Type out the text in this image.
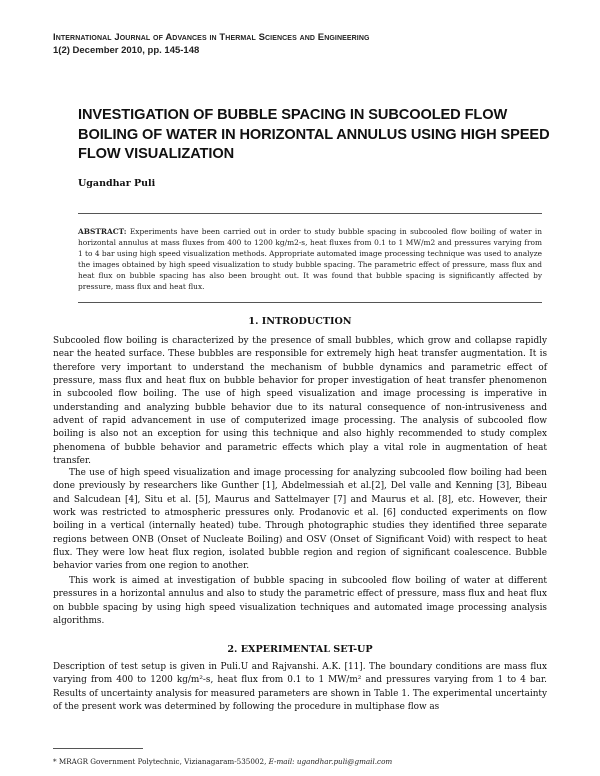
International Journal of Advances in Thermal Sciences and Engineering
1(2) December 2010, pp. 145-148
INVESTIGATION OF BUBBLE SPACING IN SUBCOOLED FLOW BOILING OF WATER IN HORIZONTAL ANNULUS USING HIGH SPEED FLOW VISUALIZATION
Ugandhar Puli
ABSTRACT: Experiments have been carried out in order to study bubble spacing in subcooled flow boiling of water in horizontal annulus at mass fluxes from 400 to 1200 kg/m2-s, heat fluxes from 0.1 to 1 MW/m2 and pressures varying from 1 to 4 bar using high speed visualization methods. Appropriate automated image processing technique was used to analyze the images obtained by high speed visualization to study bubble spacing. The parametric effect of pressure, mass flux and heat flux on bubble spacing has also been brought out. It was found that bubble spacing is significantly affected by pressure, mass flux and heat flux.
1. INTRODUCTION
Subcooled flow boiling is characterized by the presence of small bubbles, which grow and collapse rapidly near the heated surface. These bubbles are responsible for extremely high heat transfer augmentation. It is therefore very important to understand the mechanism of bubble dynamics and parametric effect of pressure, mass flux and heat flux on bubble behavior for proper investigation of heat transfer phenomenon in subcooled flow boiling. The use of high speed visualization and image processing is imperative in understanding and analyzing bubble behavior due to its natural consequence of non-intrusiveness and advent of rapid advancement in use of computerized image processing. The analysis of subcooled flow boiling is also not an exception for using this technique and also highly recommended to study complex phenomena of bubble behavior and parametric effects which play a vital role in augmentation of heat transfer.
The use of high speed visualization and image processing for analyzing subcooled flow boiling had been done previously by researchers like Gunther [1], Abdelmessiah et al.[2], Del valle and Kenning [3], Bibeau and Salcudean [4], Situ et al. [5], Maurus and Sattelmayer [7] and Maurus et al. [8], etc. However, their work was restricted to atmospheric pressures only. Prodanovic et al. [6] conducted experiments on flow boiling in a vertical (internally heated) tube. Through photographic studies they identified three separate regions between ONB (Onset of Nucleate Boiling) and OSV (Onset of Significant Void) with respect to heat flux. They were low heat flux region, isolated bubble region and region of significant coalescence. Bubble behavior varies from one region to another.
This work is aimed at investigation of bubble spacing in subcooled flow boiling of water at different pressures in a horizontal annulus and also to study the parametric effect of pressure, mass flux and heat flux on bubble spacing by using high speed visualization techniques and automated image processing analysis algorithms.
2. EXPERIMENTAL SET-UP
Description of test setup is given in Puli.U and Rajvanshi. A.K. [11]. The boundary conditions are mass flux varying from 400 to 1200 kg/m²-s, heat flux from 0.1 to 1 MW/m² and pressures varying from 1 to 4 bar. Results of uncertainty analysis for measured parameters are shown in Table 1. The experimental uncertainty of the present work was determined by following the procedure in multiphase flow as
* MRAGR Government Polytechnic, Vizianagaram-535002, E-mail: ugandhar.puli@gmail.com
